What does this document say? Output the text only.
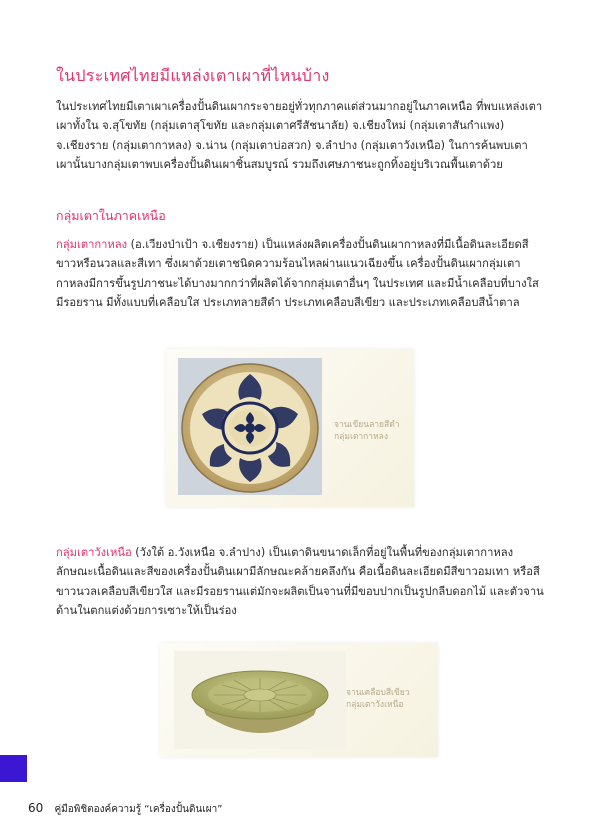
ในประเทศไทยมีแหล่งเตาเผาที่ไหนบ้าง
ในประเทศไทยมีเตาเผาเครื่องปั้นดินเผากระจายอยู่ทั่วทุกภาคแต่ส่วนมากอยู่ในภาคเหนือ ที่พบแหล่งเตาเผาทั้งใน จ.สุโขทัย (กลุ่มเตาสุโขทัย และกลุ่มเตาศรีสัชนาลัย) จ.เชียงใหม่ (กลุ่มเตาสันกำแพง) จ.เชียงราย (กลุ่มเตากาหลง) จ.น่าน (กลุ่มเตาบ่อสวก) จ.ลำปาง (กลุ่มเตาวังเหนือ) ในการค้นพบเตาเผานั้นบางกลุ่มเตาพบเครื่องปั้นดินเผาชิ้นสมบูรณ์ รวมถึงเศษภาชนะถูกทิ้งอยู่บริเวณพื้นเตาด้วย
กลุ่มเตาในภาคเหนือ
กลุ่มเตากาหลง (อ.เวียงป่าเป้า จ.เชียงราย) เป็นแหล่งผลิตเครื่องปั้นดินเผากาหลงที่มีเนื้อดินละเอียดสีขาวหรือนวลและสีเทา ซึ่งเผาด้วยเตาชนิดความร้อนไหลผ่านแนวเฉียงขึ้น เครื่องปั้นดินเผากลุ่มเตากาหลงมีการขึ้นรูปภาชนะได้บางมากกว่าที่ผลิตได้จากกลุ่มเตาอื่นๆ ในประเทศ และมีน้ำเคลือบที่บางใสมีรอยราน มีทั้งแบบที่เคลือบใส ประเภทลายสีดำ ประเภทเคลือบสีเขียว และประเภทเคลือบสีน้ำตาล
จานเขียนลายสีดำ
กลุ่มเตากาหลง
กลุ่มเตาวังเหนือ (วังใต้ อ.วังเหนือ จ.ลำปาง) เป็นเตาดินขนาดเล็กที่อยู่ในพื้นที่ของกลุ่มเตากาหลง ลักษณะเนื้อดินและสีของเครื่องปั้นดินเผามีลักษณะคล้ายคลึงกัน คือเนื้อดินละเอียดมีสีขาวอมเทา หรือสีขาวนวลเคลือบสีเขียวใส และมีรอยรานแต่มักจะผลิตเป็นจานที่มีขอบปากเป็นรูปกลีบดอกไม้ และตัวจานด้านในตกแต่งด้วยการเซาะให้เป็นร่อง
จานเคลือบสีเขียว
กลุ่มเตาวังเหนือ
60 คู่มือพิชิตองค์ความรู้ “เครื่องปั้นดินเผา”
